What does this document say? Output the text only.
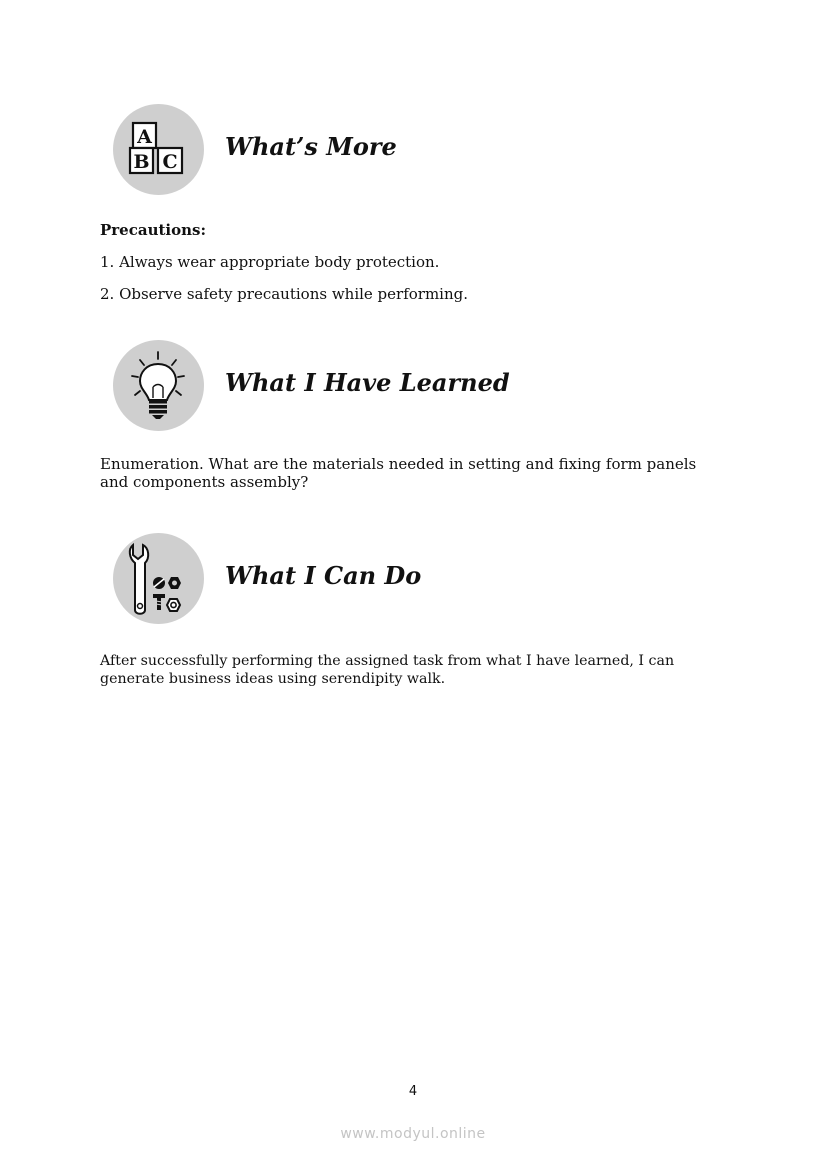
A
B C
What’s More

Precautions:

1. Always wear appropriate body protection.

2. Observe safety precautions while performing.

What I Have Learned

Enumeration. What are the materials needed in setting and fixing form panels

and components assembly?

What I Can Do

After successfully performing the assigned task from what I have learned, I can

generate business ideas using serendipity walk.

4
www.modyul.online
